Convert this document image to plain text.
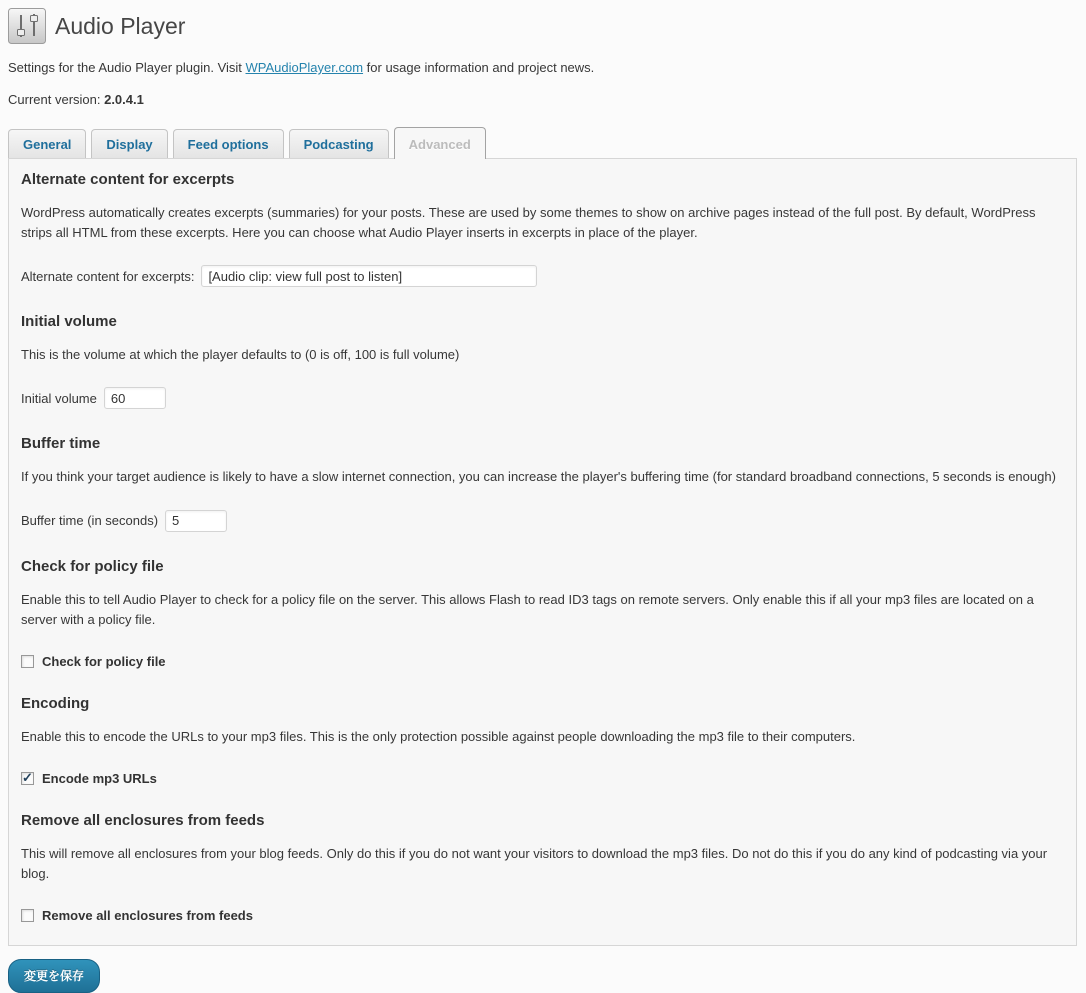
Audio Player

Settings for the Audio Player plugin. Visit WPAudioPlayer.com for usage information and project news.

Current version: 2.0.4.1

General	Display	Feed options	Podcasting	Advanced
Alternate content for excerpts

WordPress automatically creates excerpts (summaries) for your posts. These are used by some themes to show on archive pages instead of the full post. By default, WordPress strips all HTML from these excerpts. Here you can choose what Audio Player inserts in excerpts in place of the player.

Alternate content for excerpts:
[Audio clip: view full post to listen]
Initial volume

This is the volume at which the player defaults to (0 is off, 100 is full volume)

Initial volume
60
Buffer time

If you think your target audience is likely to have a slow internet connection, you can increase the player's buffering time (for standard broadband connections, 5 seconds is enough)

Buffer time (in seconds)
5
Check for policy file

Enable this to tell Audio Player to check for a policy file on the server. This allows Flash to read ID3 tags on remote servers. Only enable this if all your mp3 files are located on a server with a policy file.

Check for policy file
Encoding

Enable this to encode the URLs to your mp3 files. This is the only protection possible against people downloading the mp3 file to their computers.

Encode mp3 URLs
Remove all enclosures from feeds

This will remove all enclosures from your blog feeds. Only do this if you do not want your visitors to download the mp3 files. Do not do this if you do any kind of podcasting via your blog.

Remove all enclosures from feeds
変更を保存
